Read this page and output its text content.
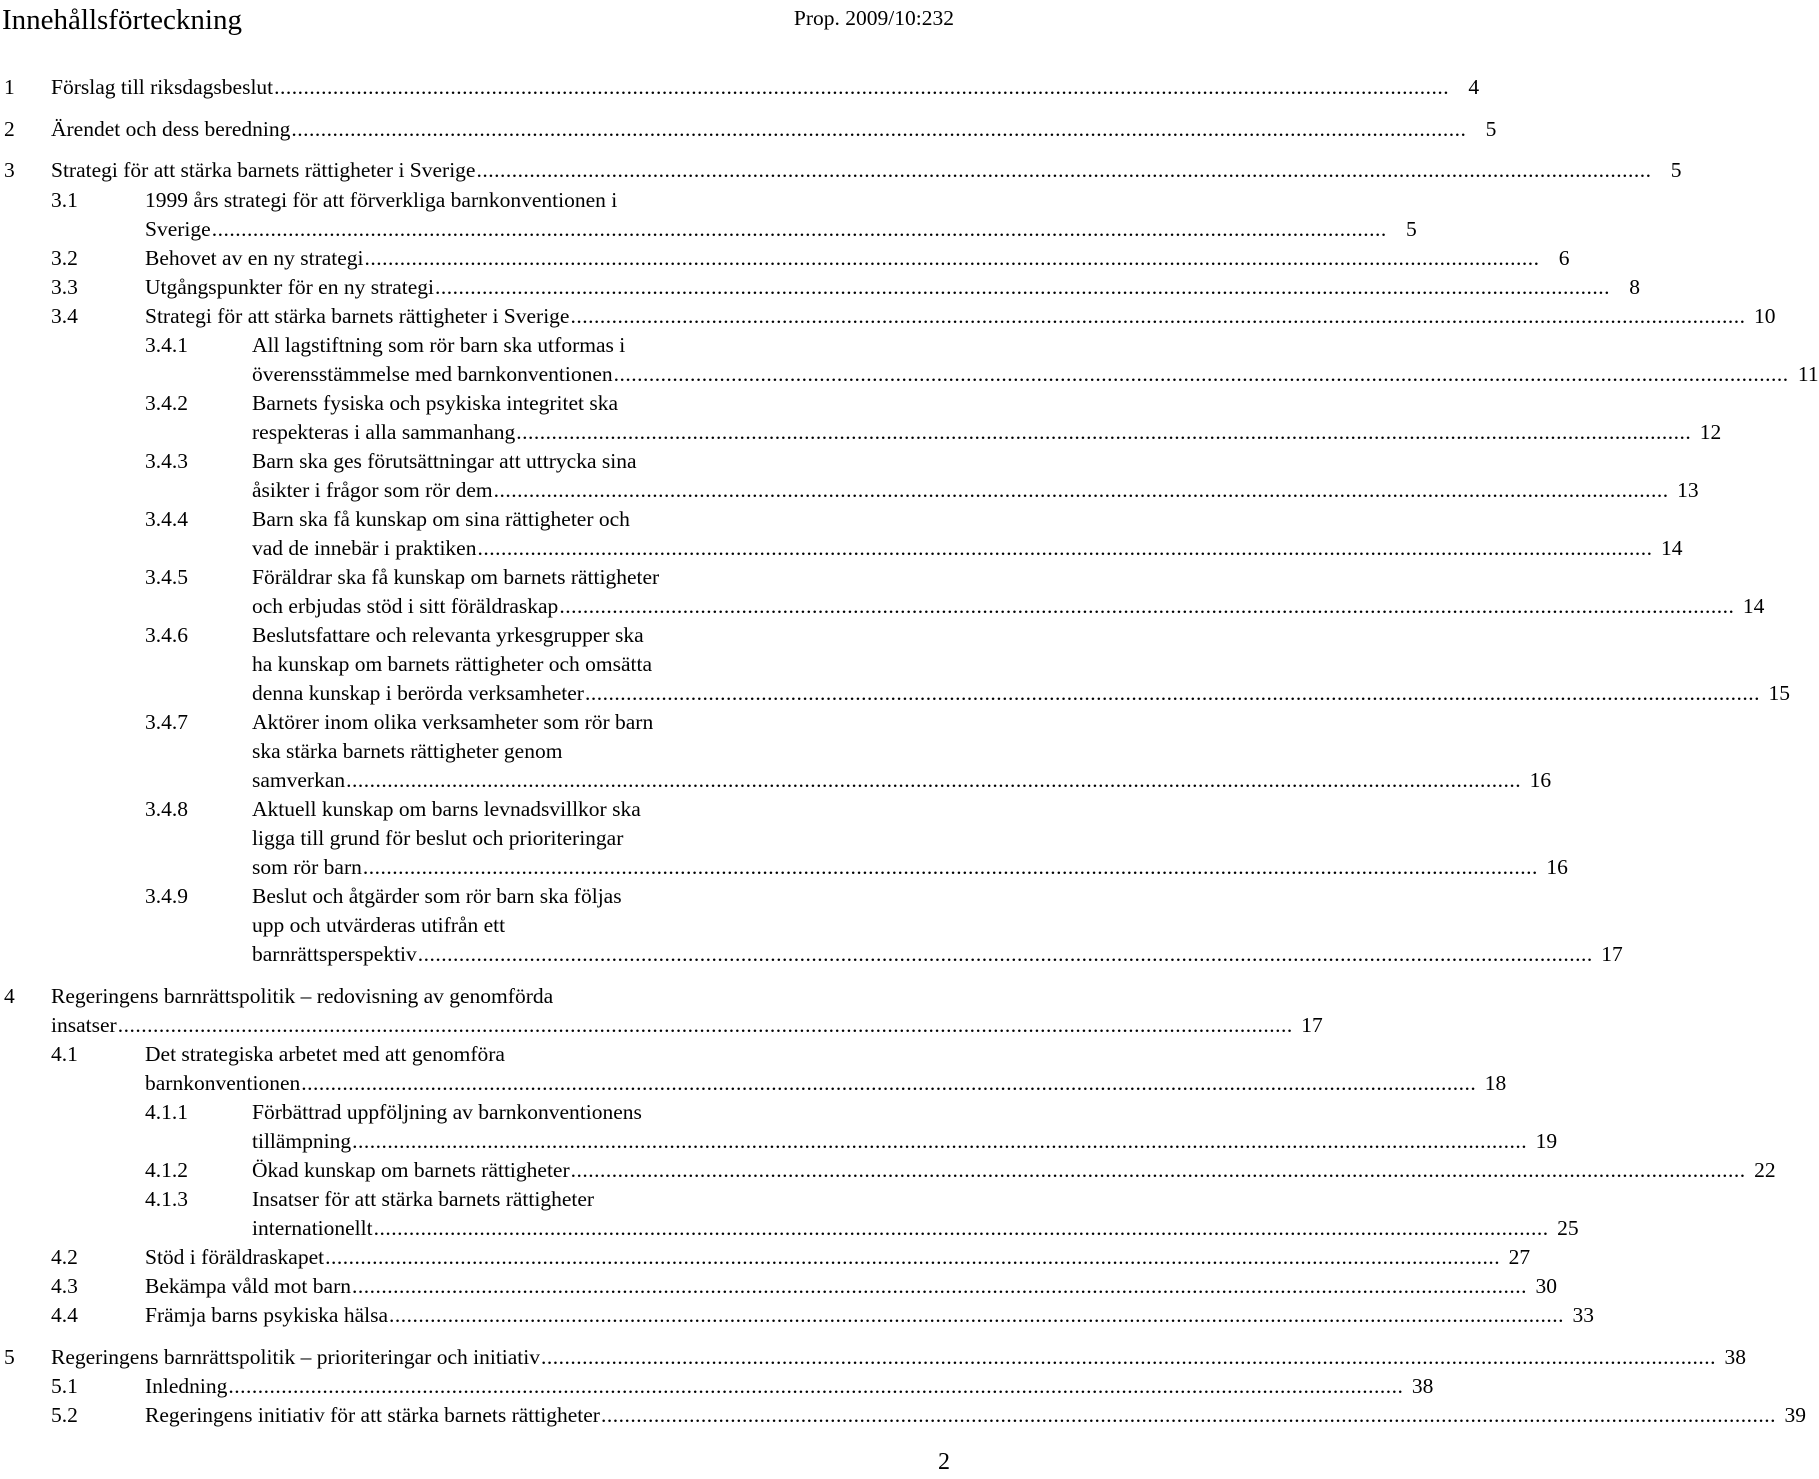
Innehållsförteckning	Prop. 2009/10:232
1 Förslag till riksdagsbeslut ........................................................................................................................................................................................................ 4
2 Ärendet och dess beredning ........................................................................................................................................................................................................ 5
3 Strategi för att stärka barnets rättigheter i Sverige ........................................................................................................................................................................................................ 5
3.1	1999 års strategi för att förverkliga barnkonventionen i
Sverige ........................................................................................................................................................................................................ 5
3.2	Behovet av en ny strategi ........................................................................................................................................................................................................ 6
3.3	Utgångspunkter för en ny strategi ........................................................................................................................................................................................................ 8
3.4	Strategi för att stärka barnets rättigheter i Sverige ........................................................................................................................................................................................................ 10
3.4.1	All lagstiftning som rör barn ska utformas i
överensstämmelse med barnkonventionen ........................................................................................................................................................................................................ 11
3.4.2	Barnets fysiska och psykiska integritet ska
respekteras i alla sammanhang ........................................................................................................................................................................................................ 12
3.4.3	Barn ska ges förutsättningar att uttrycka sina
åsikter i frågor som rör dem ........................................................................................................................................................................................................ 13
3.4.4	Barn ska få kunskap om sina rättigheter och
vad de innebär i praktiken ........................................................................................................................................................................................................ 14
3.4.5	Föräldrar ska få kunskap om barnets rättigheter
och erbjudas stöd i sitt föräldraskap ........................................................................................................................................................................................................ 14
3.4.6	Beslutsfattare och relevanta yrkesgrupper ska
ha kunskap om barnets rättigheter och omsätta
denna kunskap i berörda verksamheter ........................................................................................................................................................................................................ 15
3.4.7	Aktörer inom olika verksamheter som rör barn
ska stärka barnets rättigheter genom
samverkan ........................................................................................................................................................................................................ 16
3.4.8	Aktuell kunskap om barns levnadsvillkor ska
ligga till grund för beslut och prioriteringar
som rör barn ........................................................................................................................................................................................................ 16
3.4.9	Beslut och åtgärder som rör barn ska följas
upp och utvärderas utifrån ett
barnrättsperspektiv ........................................................................................................................................................................................................ 17
4 Regeringens barnrättspolitik – redovisning av genomförda
insatser ........................................................................................................................................................................................................ 17
4.1	Det strategiska arbetet med att genomföra
barnkonventionen ........................................................................................................................................................................................................ 18
4.1.1	Förbättrad uppföljning av barnkonventionens
tillämpning ........................................................................................................................................................................................................ 19
4.1.2	Ökad kunskap om barnets rättigheter ........................................................................................................................................................................................................ 22
4.1.3	Insatser för att stärka barnets rättigheter
internationellt ........................................................................................................................................................................................................ 25
4.2	Stöd i föräldraskapet ........................................................................................................................................................................................................ 27
4.3	Bekämpa våld mot barn ........................................................................................................................................................................................................ 30
4.4	Främja barns psykiska hälsa ........................................................................................................................................................................................................ 33
5 Regeringens barnrättspolitik – prioriteringar och initiativ ........................................................................................................................................................................................................ 38
5.1	Inledning ........................................................................................................................................................................................................ 38
5.2	Regeringens initiativ för att stärka barnets rättigheter ........................................................................................................................................................................................................ 39
2
